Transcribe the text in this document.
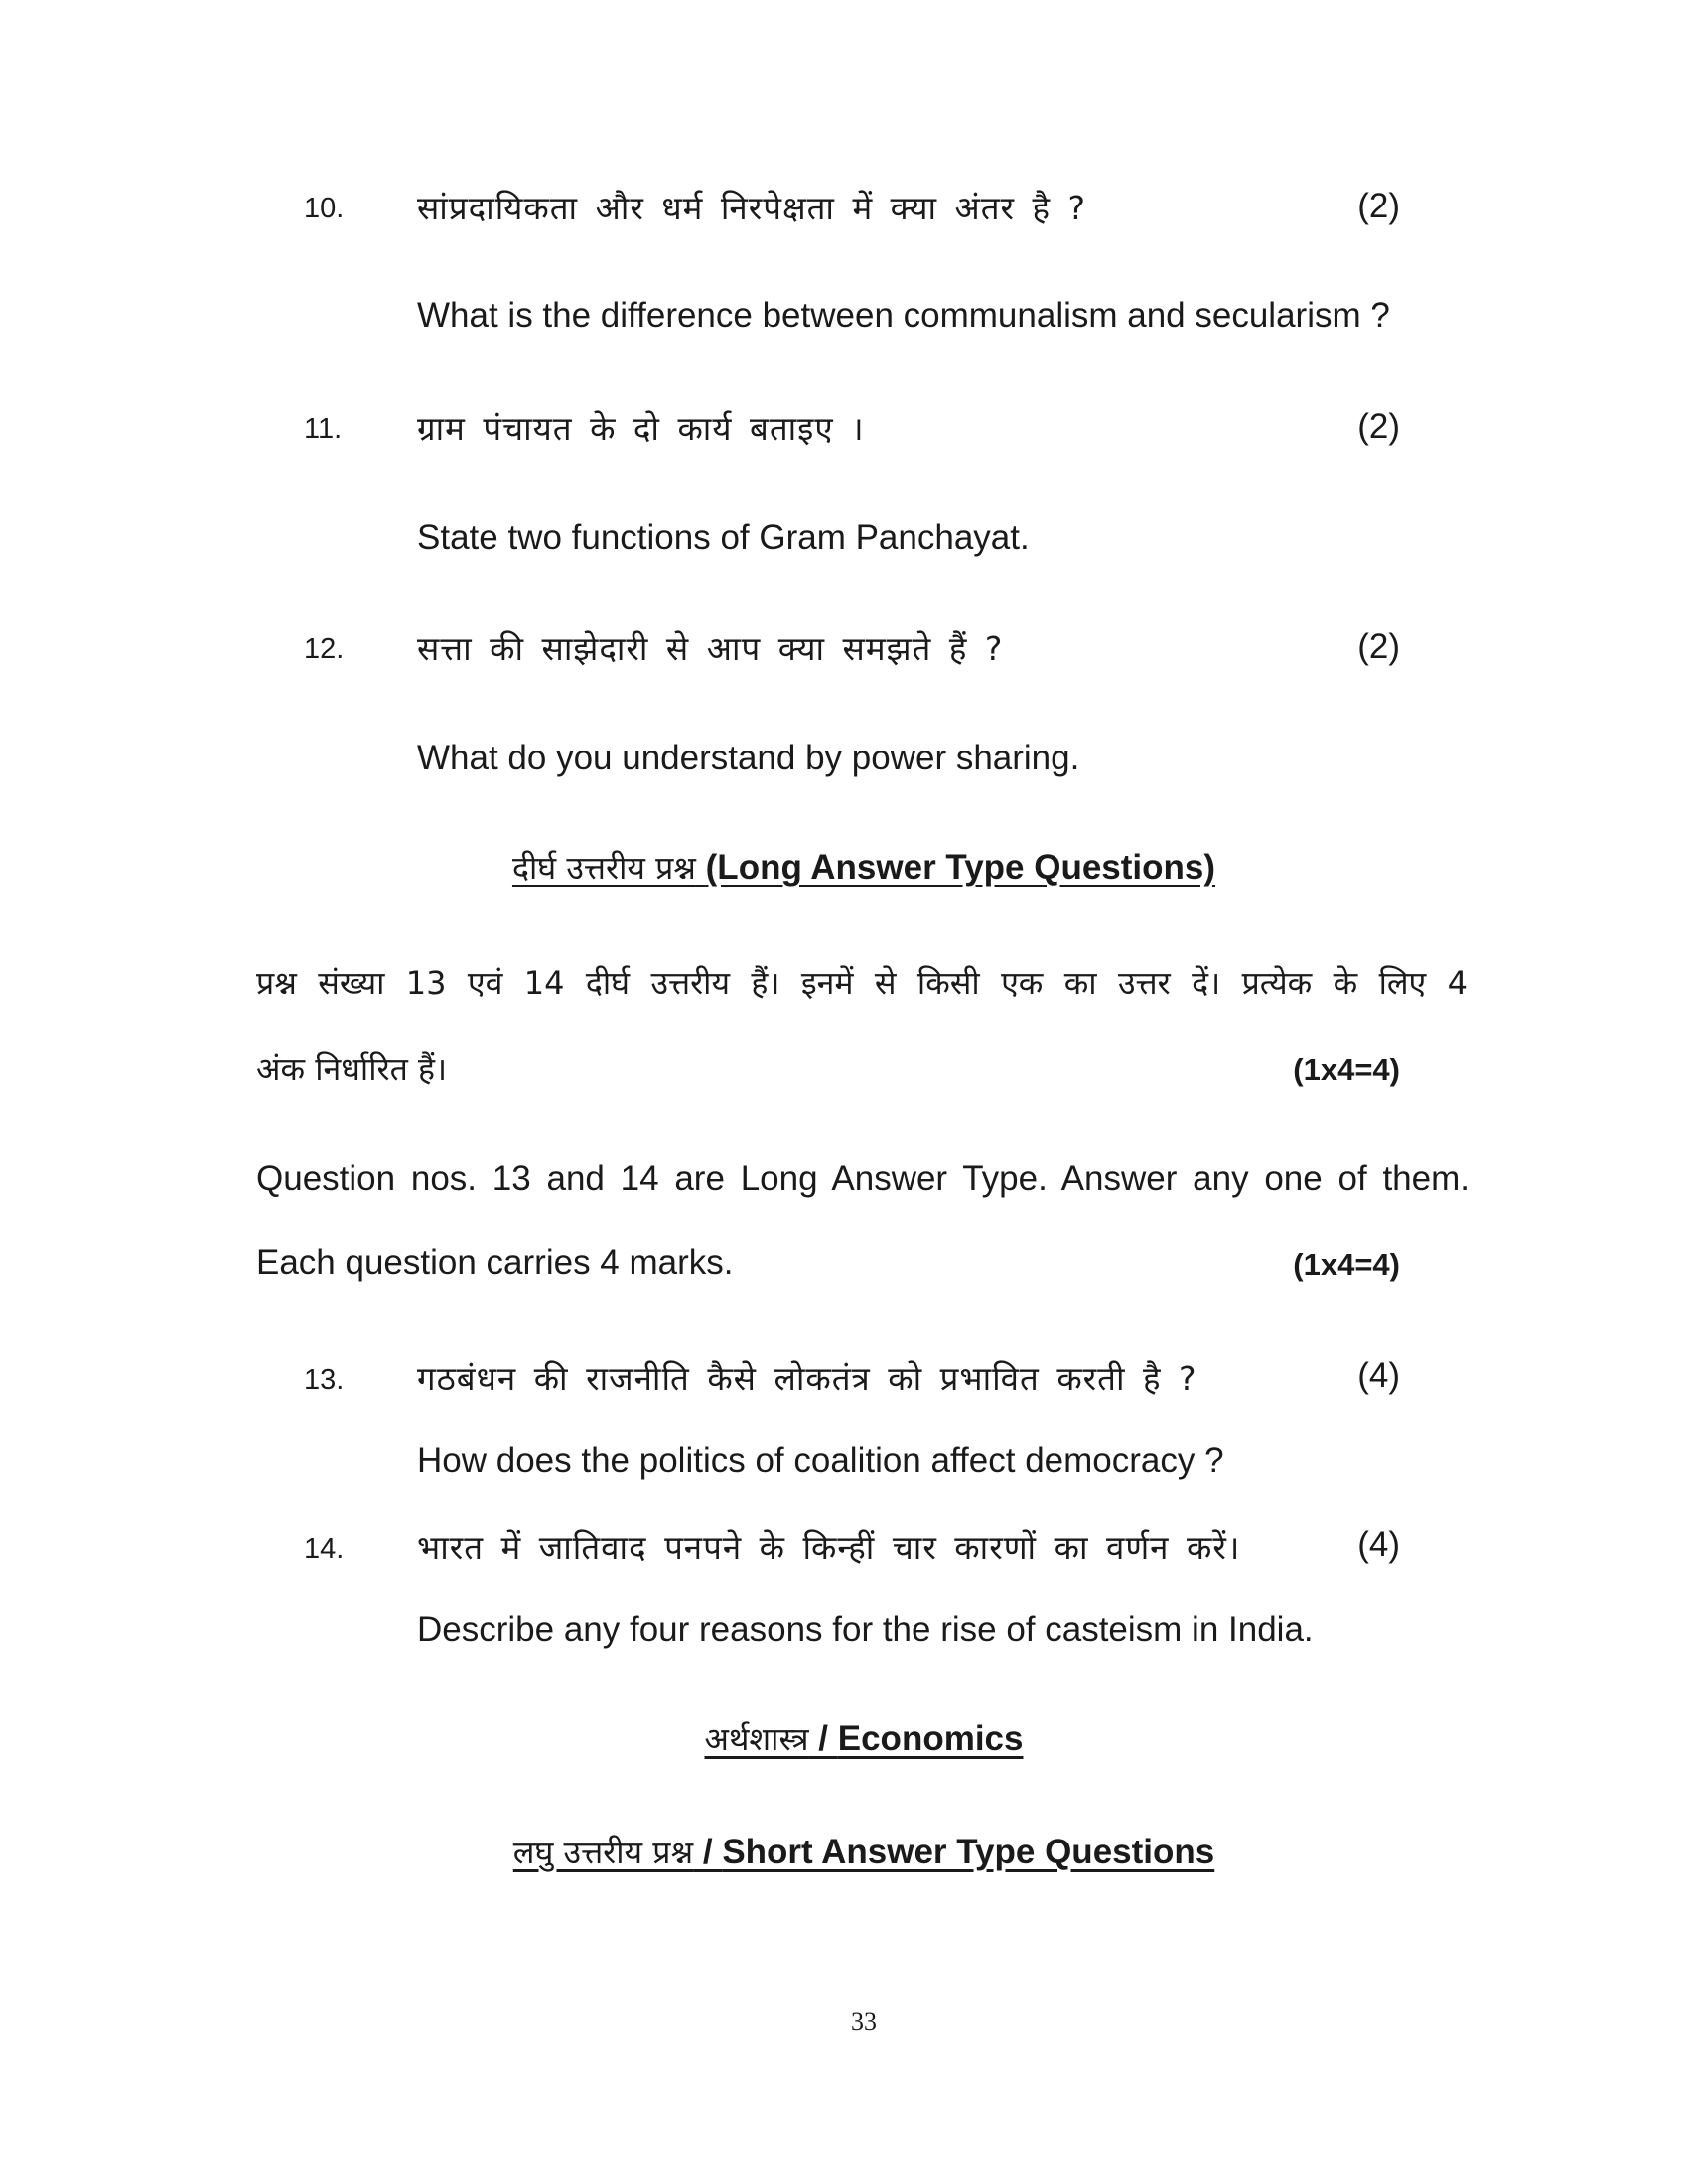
10. सांप्रदायिकता और धर्म निरपेक्षता में क्या अंतर है ?	(2)
What is the difference between communalism and secularism ?
11. ग्राम पंचायत के दो कार्य बताइए ।	(2)
State two functions of Gram Panchayat.
12. सत्ता की साझेदारी से आप क्या समझते हैं ?	(2)
What do you understand by power sharing.
दीर्घ उत्तरीय प्रश्न (Long Answer Type Questions)
प्रश्न संख्या 13 एवं 14 दीर्घ उत्तरीय हैं। इनमें से किसी एक का उत्तर दें। प्रत्येक के लिए 4
अंक निर्धारित हैं।	(1x4=4)
Question nos. 13 and 14 are Long Answer Type. Answer any one of them.
Each question carries 4 marks.	(1x4=4)
13. गठबंधन की राजनीति कैसे लोकतंत्र को प्रभावित करती है ?	(4)
How does the politics of coalition affect democracy ?
14. भारत में जातिवाद पनपने के किन्हीं चार कारणों का वर्णन करें।	(4)
Describe any four reasons for the rise of casteism in India.
अर्थशास्त्र / Economics
लघु उत्तरीय प्रश्न / Short Answer Type Questions
33
